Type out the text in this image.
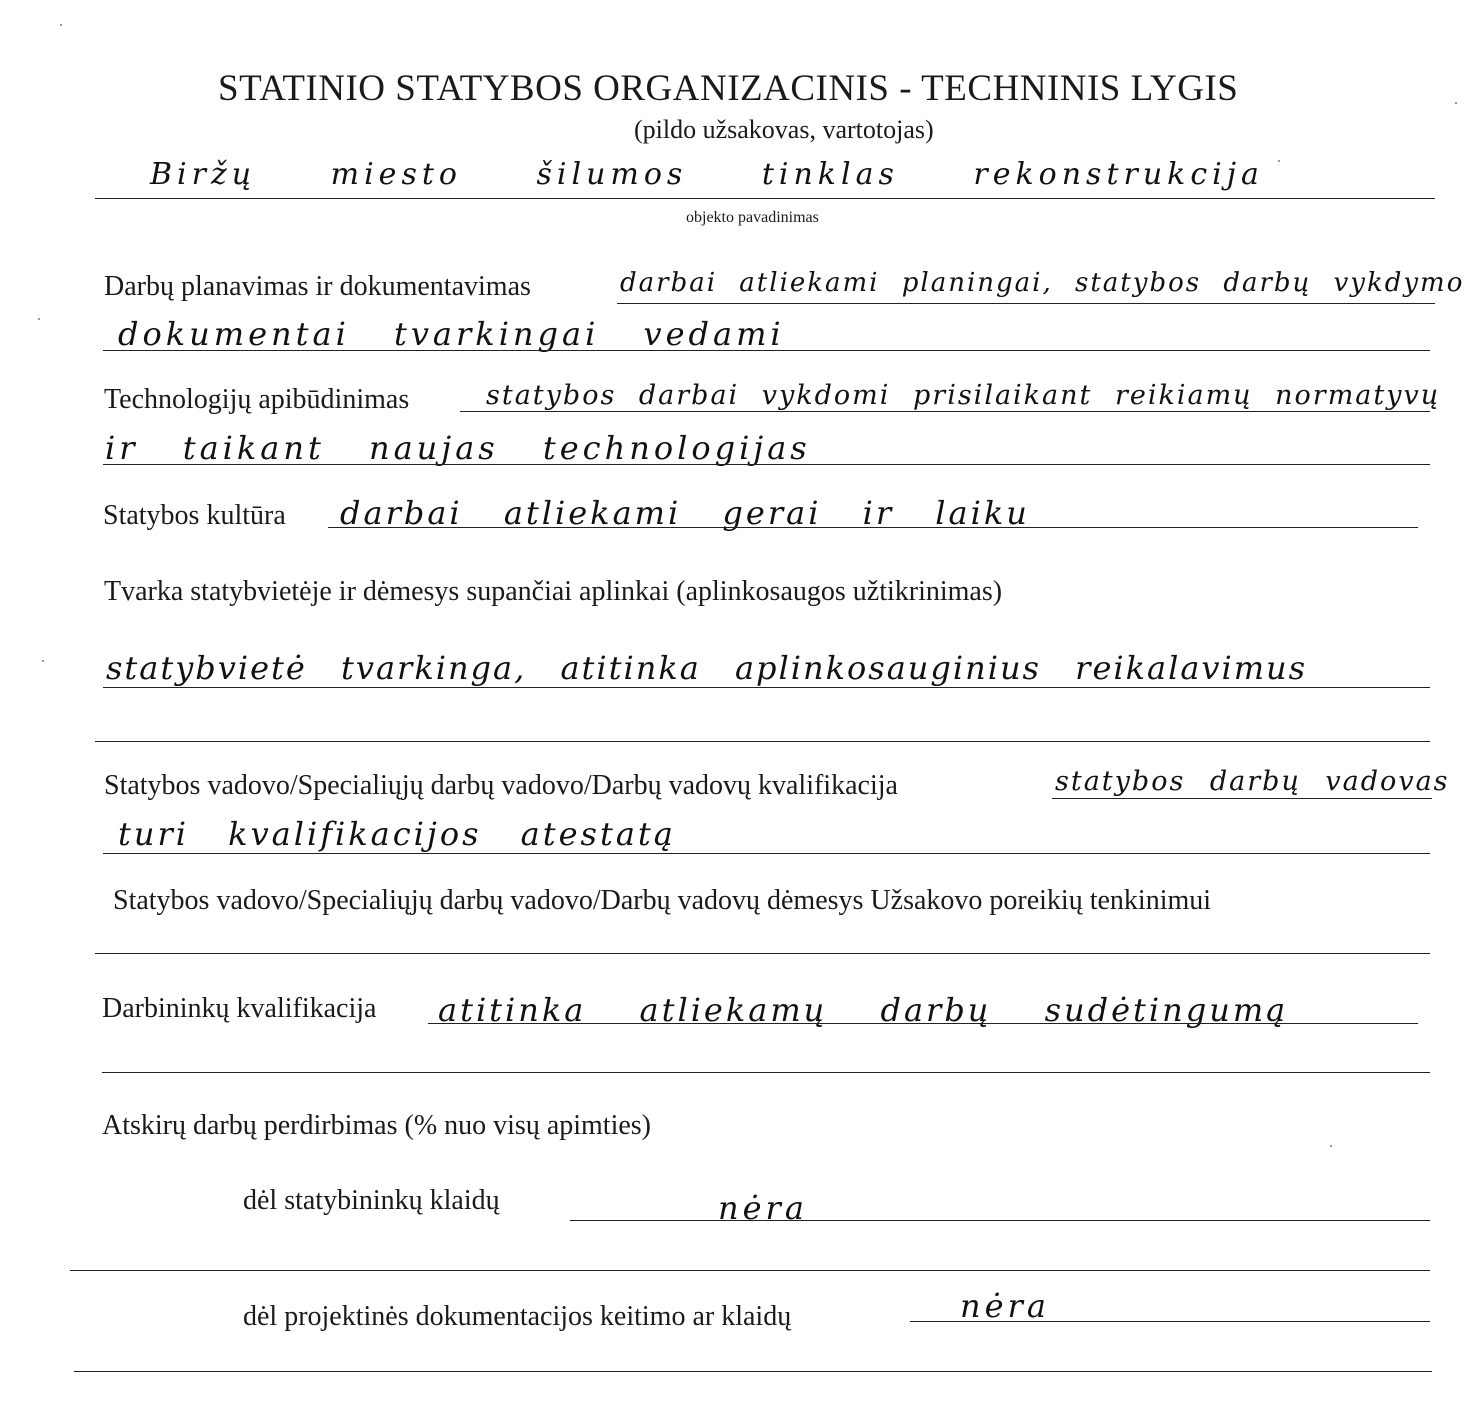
STATINIO STATYBOS ORGANIZACINIS - TECHNINIS LYGIS
(pildo užsakovas, vartotojas)
Biržų miesto šilumos tinklas rekonstrukcija
objekto pavadinimas
Darbų planavimas ir dokumentavimas	darbai atliekami planingai, statybos darbų vykdymo
dokumentai tvarkingai vedami
Technologijų apibūdinimas	statybos darbai vykdomi prisilaikant reikiamų normatyvų
ir taikant naujas technologijas
Statybos kultūra darbai atliekami gerai ir laiku
Tvarka statybvietėje ir dėmesys supančiai aplinkai (aplinkosaugos užtikrinimas)
statybvietė tvarkinga, atitinka aplinkosauginius reikalavimus
Statybos vadovo/Specialiųjų darbų vadovo/Darbų vadovų kvalifikacija	statybos darbų vadovas
turi kvalifikacijos atestatą
Statybos vadovo/Specialiųjų darbų vadovo/Darbų vadovų dėmesys Užsakovo poreikių tenkinimui
Darbininkų kvalifikacija atitinka atliekamų darbų sudėtingumą
Atskirų darbų perdirbimas (% nuo visų apimties)
dėl statybininkų klaidų	nėra
dėl projektinės dokumentacijos keitimo ar klaidų	nėra
